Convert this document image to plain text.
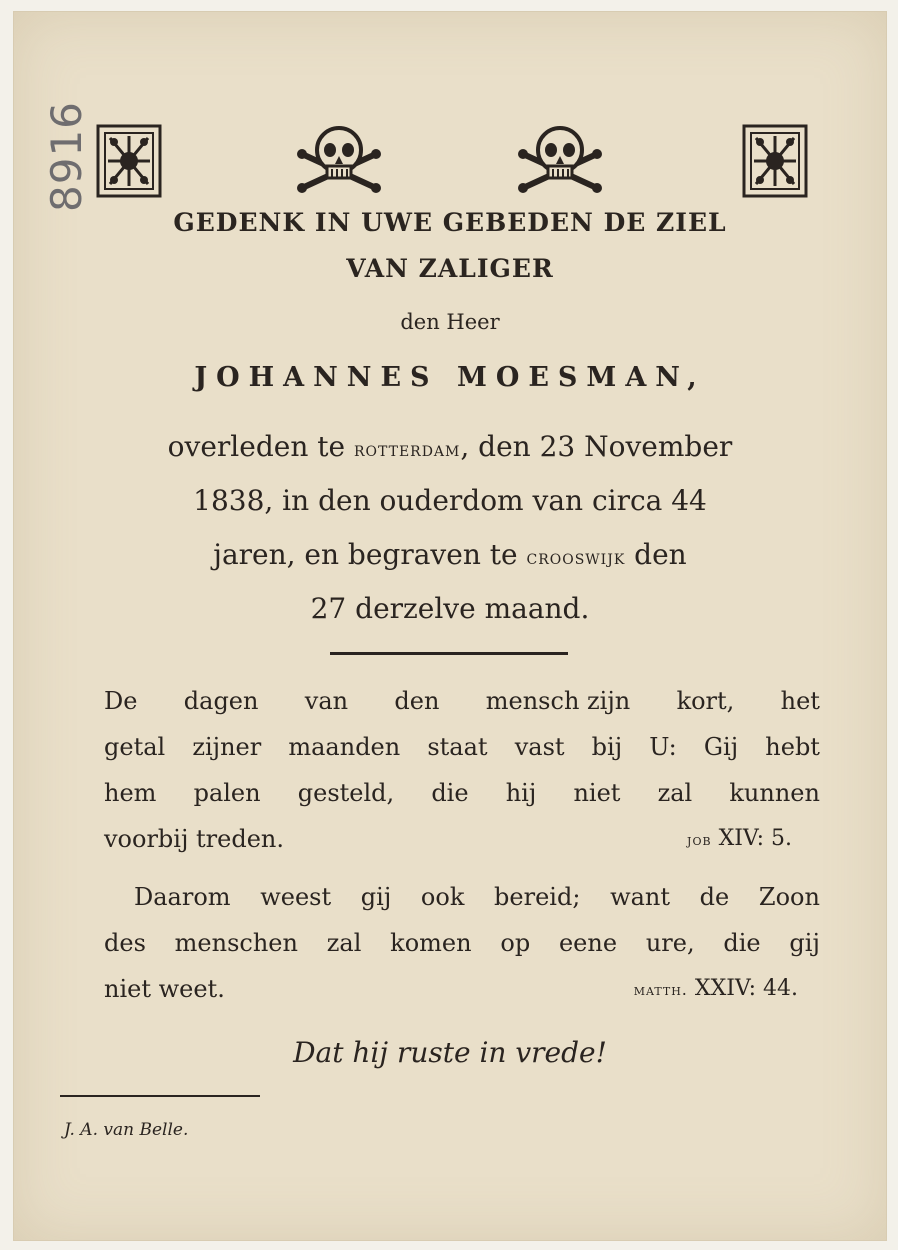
8916
GEDENK IN UWE GEBEDEN DE ZIEL
VAN ZALIGER
den Heer
JOHANNES MOESMAN,
overleden te rotterdam, den 23 November
1838, in den ouderdom van circa 44
jaren, en begraven te crooswijk den
27 derzelve maand.
De dagen van den mensch zijn kort, het
getal zijner maanden staat vast bij U: Gij hebt
hem palen gesteld, die hij niet zal kunnen
voorbij treden.	job XIV: 5.
Daarom weest gij ook bereid; want de Zoon
des menschen zal komen op eene ure, die gij
niet weet.	matth. XXIV: 44.
Dat hij ruste in vrede!
J. A. van Belle.
